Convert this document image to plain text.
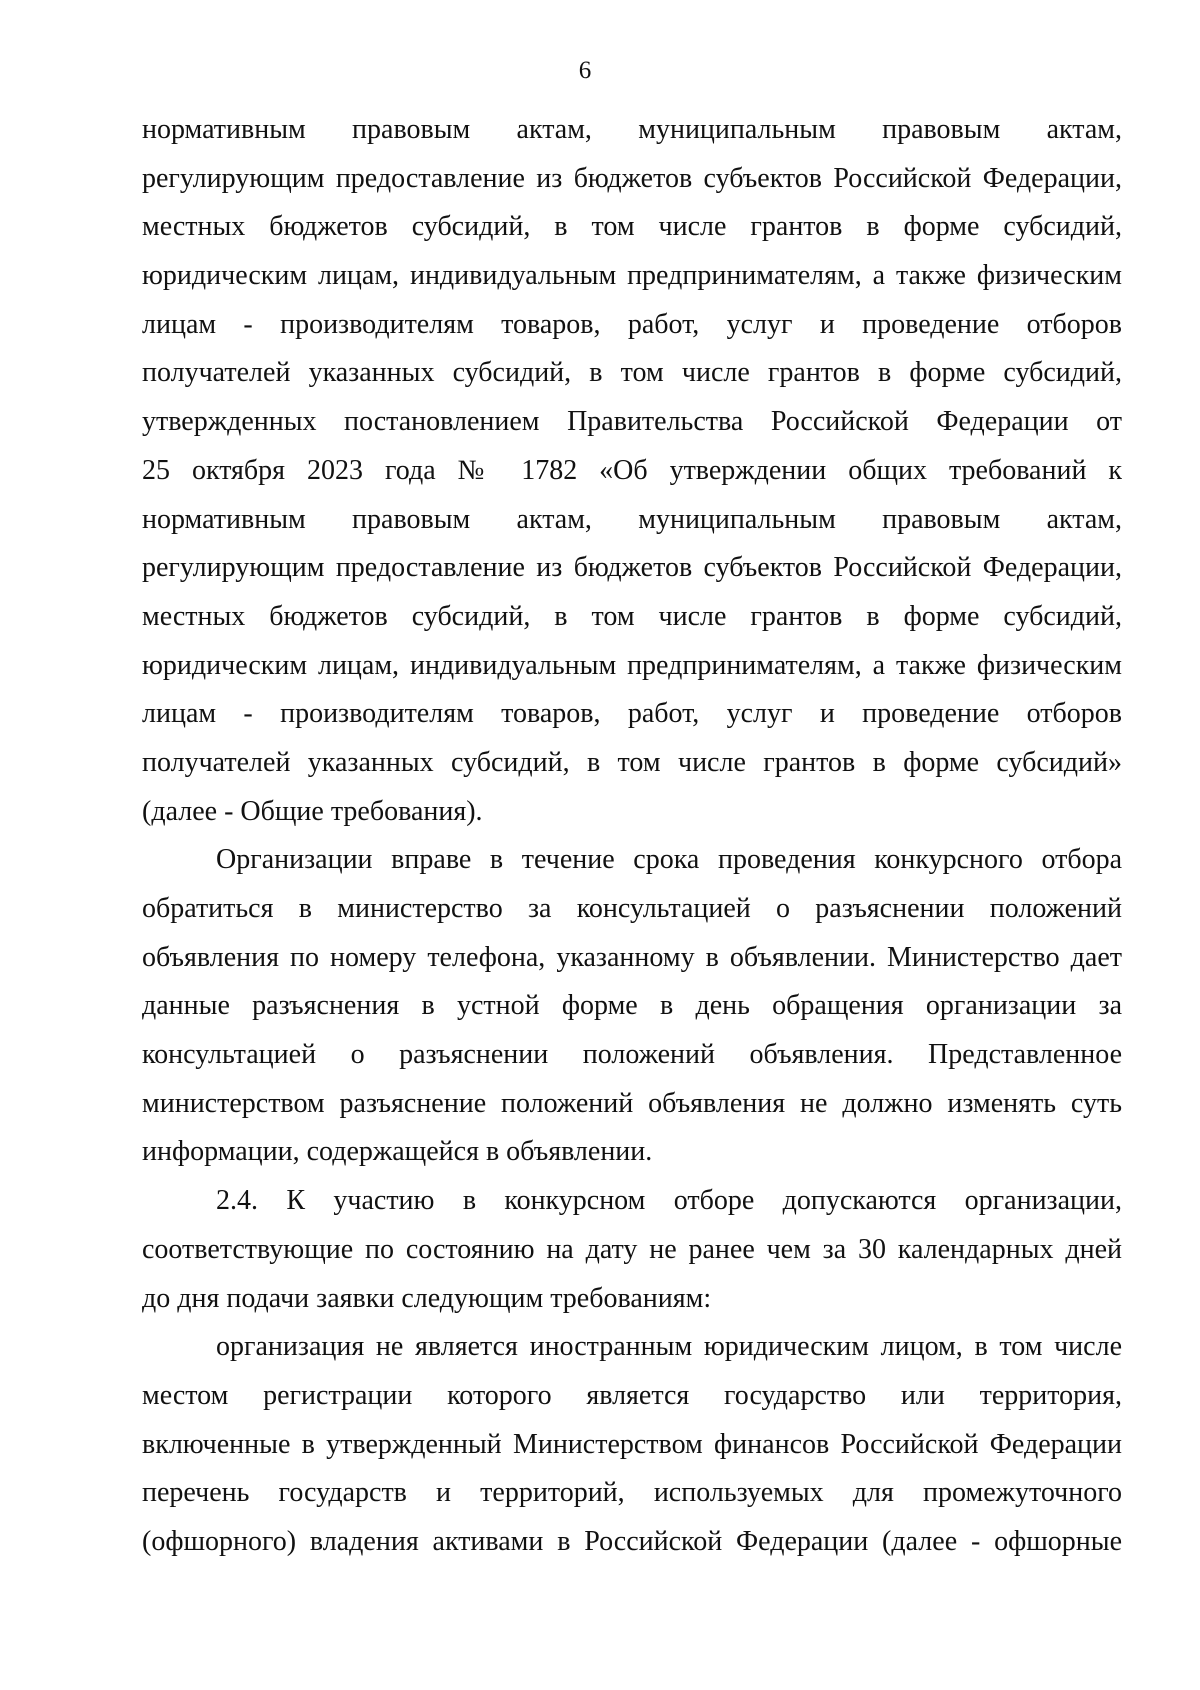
6
нормативным правовым актам, муниципальным правовым актам,
регулирующим предоставление из бюджетов субъектов Российской Федерации,
местных бюджетов субсидий, в том числе грантов в форме субсидий,
юридическим лицам, индивидуальным предпринимателям, а также физическим
лицам - производителям товаров, работ, услуг и проведение отборов
получателей указанных субсидий, в том числе грантов в форме субсидий,
утвержденных постановлением Правительства Российской Федерации от
25 октября 2023 года № 1782 «Об утверждении общих требований к
нормативным правовым актам, муниципальным правовым актам,
регулирующим предоставление из бюджетов субъектов Российской Федерации,
местных бюджетов субсидий, в том числе грантов в форме субсидий,
юридическим лицам, индивидуальным предпринимателям, а также физическим
лицам - производителям товаров, работ, услуг и проведение отборов
получателей указанных субсидий, в том числе грантов в форме субсидий»
(далее - Общие требования).
Организации вправе в течение срока проведения конкурсного отбора
обратиться в министерство за консультацией о разъяснении положений
объявления по номеру телефона, указанному в объявлении. Министерство дает
данные разъяснения в устной форме в день обращения организации за
консультацией о разъяснении положений объявления. Представленное
министерством разъяснение положений объявления не должно изменять суть
информации, содержащейся в объявлении.
2.4. К участию в конкурсном отборе допускаются организации,
соответствующие по состоянию на дату не ранее чем за 30 календарных дней
до дня подачи заявки следующим требованиям:
организация не является иностранным юридическим лицом, в том числе
местом регистрации которого является государство или территория,
включенные в утвержденный Министерством финансов Российской Федерации
перечень государств и территорий, используемых для промежуточного
(офшорного) владения активами в Российской Федерации (далее - офшорные
